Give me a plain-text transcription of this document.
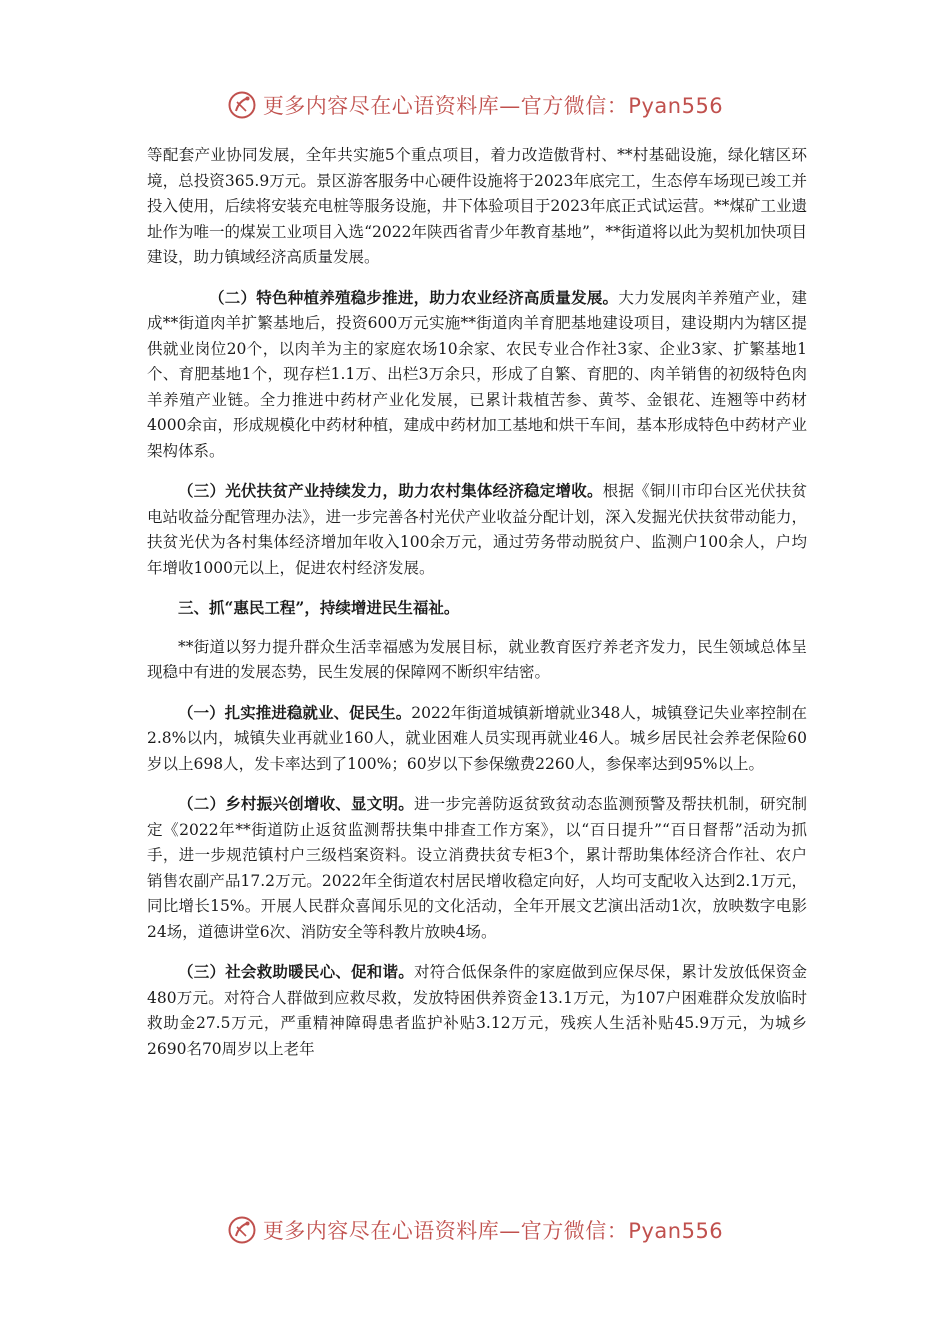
更多内容尽在心语资料库—官方微信：Pyan556

等配套产业协同发展，全年共实施5个重点项目，着力改造傲背村、**村基础设施，绿化辖区环境，总投资365.9万元。景区游客服务中心硬件设施将于2023年底完工，生态停车场现已竣工并投入使用，后续将安装充电桩等服务设施，井下体验项目于2023年底正式试运营。**煤矿工业遗址作为唯一的煤炭工业项目入选“2022年陕西省青少年教育基地”，**街道将以此为契机加快项目建设，助力镇域经济高质量发展。

（二）特色种植养殖稳步推进，助力农业经济高质量发展。大力发展肉羊养殖产业，建成**街道肉羊扩繁基地后，投资600万元实施**街道肉羊育肥基地建设项目，建设期内为辖区提供就业岗位20个，以肉羊为主的家庭农场10余家、农民专业合作社3家、企业3家、扩繁基地1个、育肥基地1个，现存栏1.1万、出栏3万余只，形成了自繁、育肥的、肉羊销售的初级特色肉羊养殖产业链。全力推进中药材产业化发展，已累计栽植苦参、黄芩、金银花、连翘等中药材4000余亩，形成规模化中药材种植，建成中药材加工基地和烘干车间，基本形成特色中药材产业架构体系。

（三）光伏扶贫产业持续发力，助力农村集体经济稳定增收。根据《铜川市印台区光伏扶贫电站收益分配管理办法》，进一步完善各村光伏产业收益分配计划，深入发掘光伏扶贫带动能力，扶贫光伏为各村集体经济增加年收入100余万元，通过劳务带动脱贫户、监测户100余人，户均年增收1000元以上，促进农村经济发展。

三、抓“惠民工程”，持续增进民生福祉。

**街道以努力提升群众生活幸福感为发展目标，就业教育医疗养老齐发力，民生领域总体呈现稳中有进的发展态势，民生发展的保障网不断织牢结密。

（一）扎实推进稳就业、促民生。2022年街道城镇新增就业348人，城镇登记失业率控制在2.8%以内，城镇失业再就业160人，就业困难人员实现再就业46人。城乡居民社会养老保险60岁以上698人，发卡率达到了100%；60岁以下参保缴费2260人，参保率达到95%以上。

（二）乡村振兴创增收、显文明。进一步完善防返贫致贫动态监测预警及帮扶机制，研究制定《2022年**街道防止返贫监测帮扶集中排查工作方案》，以“百日提升”“百日督帮”活动为抓手，进一步规范镇村户三级档案资料。设立消费扶贫专柜3个，累计帮助集体经济合作社、农户销售农副产品17.2万元。2022年全街道农村居民增收稳定向好，人均可支配收入达到2.1万元，同比增长15%。开展人民群众喜闻乐见的文化活动，全年开展文艺演出活动1次，放映数字电影24场，道德讲堂6次、消防安全等科教片放映4场。

（三）社会救助暖民心、促和谐。对符合低保条件的家庭做到应保尽保，累计发放低保资金480万元。对符合人群做到应救尽救，发放特困供养资金13.1万元，为107户困难群众发放临时救助金27.5万元，严重精神障碍患者监护补贴3.12万元，残疾人生活补贴45.9万元，为城乡2690名70周岁以上老年

更多内容尽在心语资料库—官方微信：Pyan556
